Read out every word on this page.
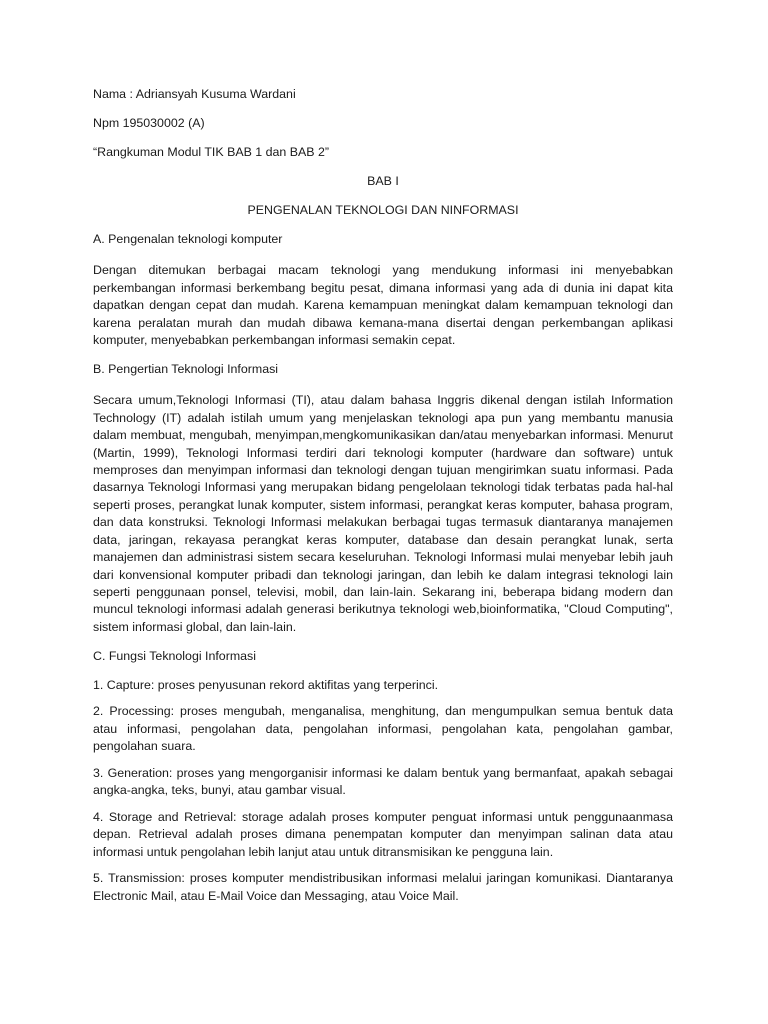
Nama : Adriansyah Kusuma Wardani
Npm 195030002 (A)
“Rangkuman Modul TIK BAB 1 dan BAB 2”
BAB I
PENGENALAN TEKNOLOGI DAN NINFORMASI
A. Pengenalan teknologi komputer
Dengan ditemukan berbagai macam teknologi yang mendukung informasi ini menyebabkan perkembangan informasi berkembang begitu pesat, dimana informasi yang ada di dunia ini dapat kita dapatkan dengan cepat dan mudah. Karena kemampuan meningkat dalam kemampuan teknologi dan karena peralatan murah dan mudah dibawa kemana-mana disertai dengan perkembangan aplikasi komputer, menyebabkan perkembangan informasi semakin cepat.
B. Pengertian Teknologi Informasi
Secara umum,Teknologi Informasi (TI), atau dalam bahasa Inggris dikenal dengan istilah Information Technology (IT) adalah istilah umum yang menjelaskan teknologi apa pun yang membantu manusia dalam membuat, mengubah, menyimpan,mengkomunikasikan dan/atau menyebarkan informasi. Menurut (Martin, 1999), Teknologi Informasi terdiri dari teknologi komputer (hardware dan software) untuk memproses dan menyimpan informasi dan teknologi dengan tujuan mengirimkan suatu informasi. Pada dasarnya Teknologi Informasi yang merupakan bidang pengelolaan teknologi tidak terbatas pada hal-hal seperti proses, perangkat lunak komputer, sistem informasi, perangkat keras komputer, bahasa program, dan data konstruksi. Teknologi Informasi melakukan berbagai tugas termasuk diantaranya manajemen data, jaringan, rekayasa perangkat keras komputer, database dan desain perangkat lunak, serta manajemen dan administrasi sistem secara keseluruhan. Teknologi Informasi mulai menyebar lebih jauh dari konvensional komputer pribadi dan teknologi jaringan, dan lebih ke dalam integrasi teknologi lain seperti penggunaan ponsel, televisi, mobil, dan lain-lain. Sekarang ini, beberapa bidang modern dan muncul teknologi informasi adalah generasi berikutnya teknologi web,bioinformatika, "Cloud Computing", sistem informasi global, dan lain-lain.
C. Fungsi Teknologi Informasi
1. Capture: proses penyusunan rekord aktifitas yang terperinci.
2. Processing: proses mengubah, menganalisa, menghitung, dan mengumpulkan semua bentuk data atau informasi, pengolahan data, pengolahan informasi, pengolahan kata, pengolahan gambar, pengolahan suara.
3. Generation: proses yang mengorganisir informasi ke dalam bentuk yang bermanfaat, apakah sebagai angka-angka, teks, bunyi, atau gambar visual.
4. Storage and Retrieval: storage adalah proses komputer penguat informasi untuk penggunaanmasa depan. Retrieval adalah proses dimana penempatan komputer dan menyimpan salinan data atau informasi untuk pengolahan lebih lanjut atau untuk ditransmisikan ke pengguna lain.
5. Transmission: proses komputer mendistribusikan informasi melalui jaringan komunikasi. Diantaranya Electronic Mail, atau E-Mail Voice dan Messaging, atau Voice Mail.
